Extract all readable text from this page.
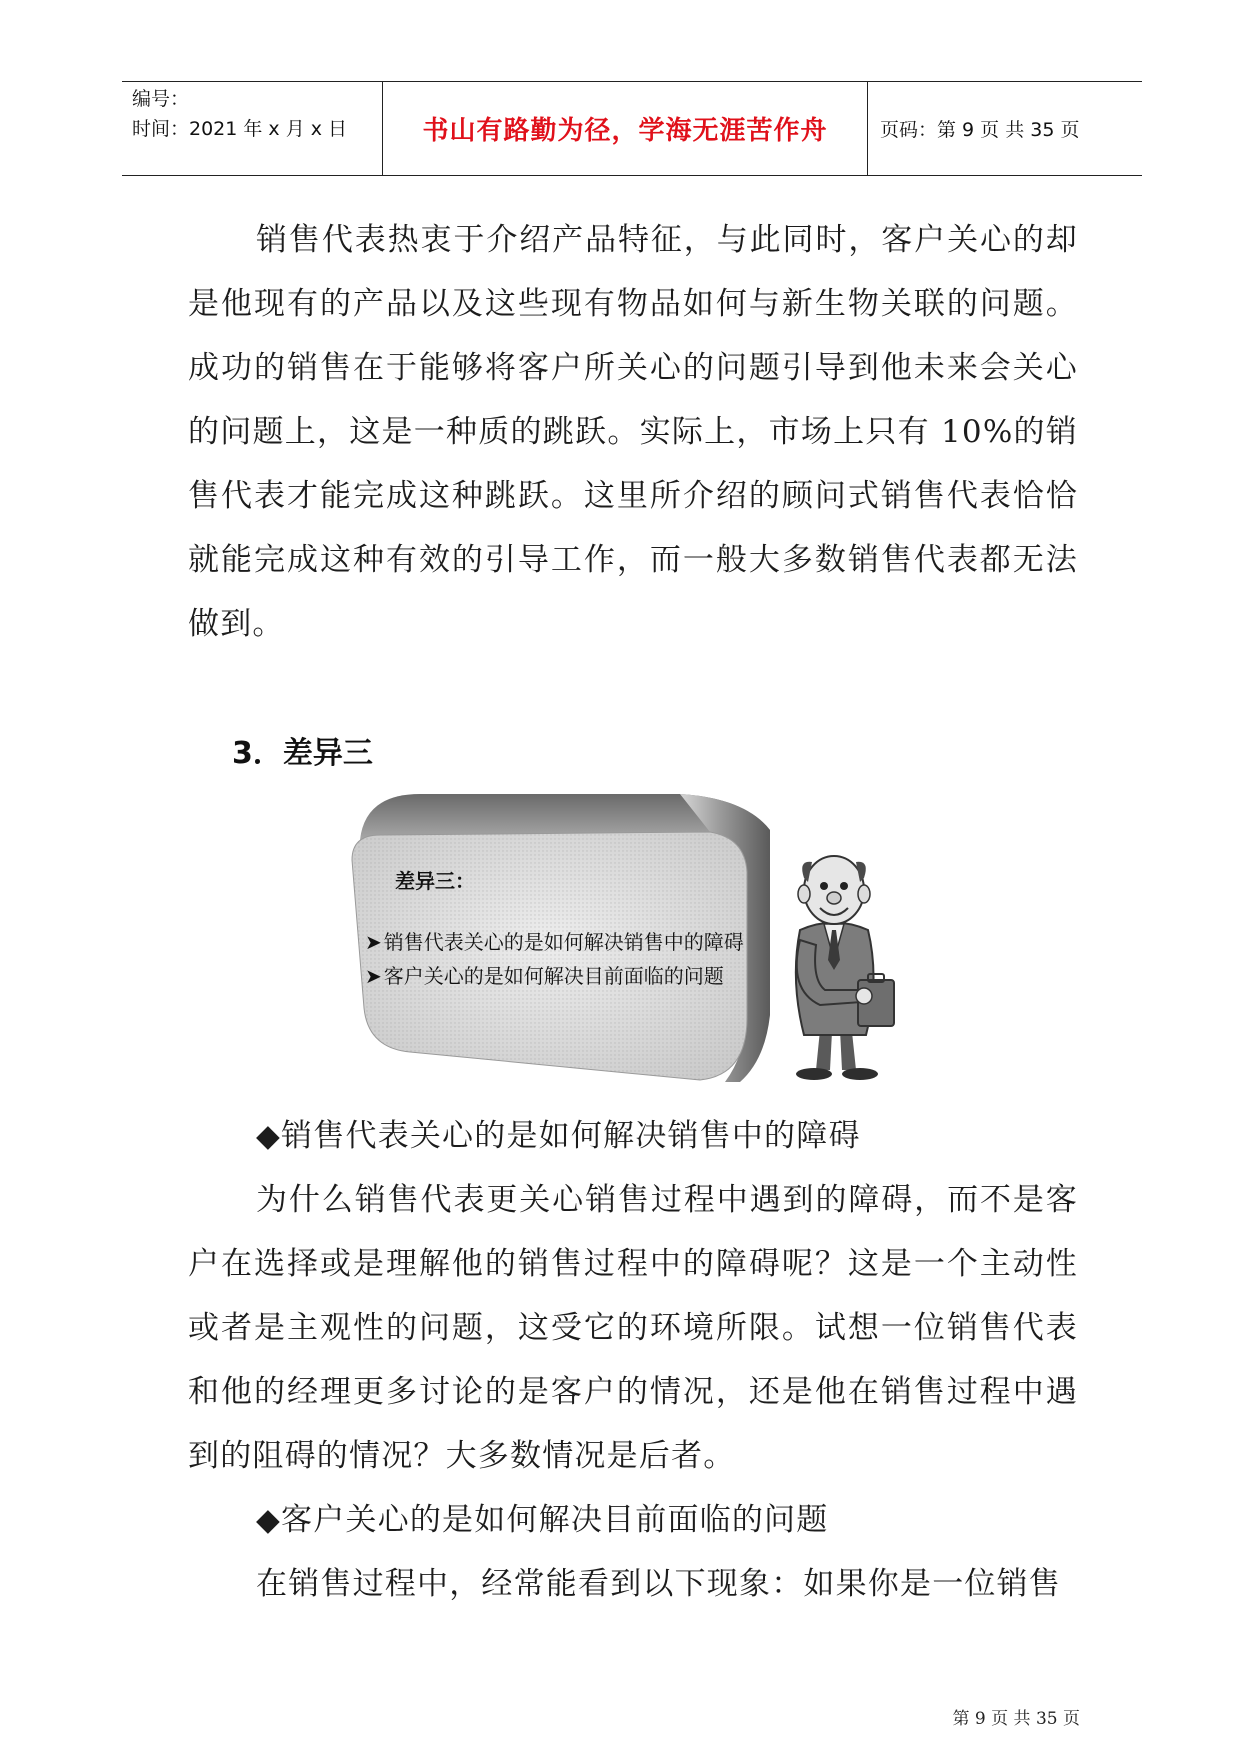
编号：
时间：2021 年 x 月 x 日	书山有路勤为径，学海无涯苦作舟	页码：第 9 页 共 35 页

销售代表热衷于介绍产品特征，与此同时，客户关心的却是他现有的产品以及这些现有物品如何与新生物关联的问题。成功的销售在于能够将客户所关心的问题引导到他未来会关心的问题上，这是一种质的跳跃。实际上，市场上只有 10%的销售代表才能完成这种跳跃。这里所介绍的顾问式销售代表恰恰就能完成这种有效的引导工作，而一般大多数销售代表都无法做到。

3．差异三
差异三：
➤ 销售代表关心的是如何解决销售中的障碍
➤ 客户关心的是如何解决目前面临的问题

◆销售代表关心的是如何解决销售中的障碍

为什么销售代表更关心销售过程中遇到的障碍，而不是客户在选择或是理解他的销售过程中的障碍呢？这是一个主动性或者是主观性的问题，这受它的环境所限。试想一位销售代表和他的经理更多讨论的是客户的情况，还是他在销售过程中遇到的阻碍的情况？大多数情况是后者。

◆客户关心的是如何解决目前面临的问题

在销售过程中，经常能看到以下现象：如果你是一位销售

第 9 页 共 35 页
